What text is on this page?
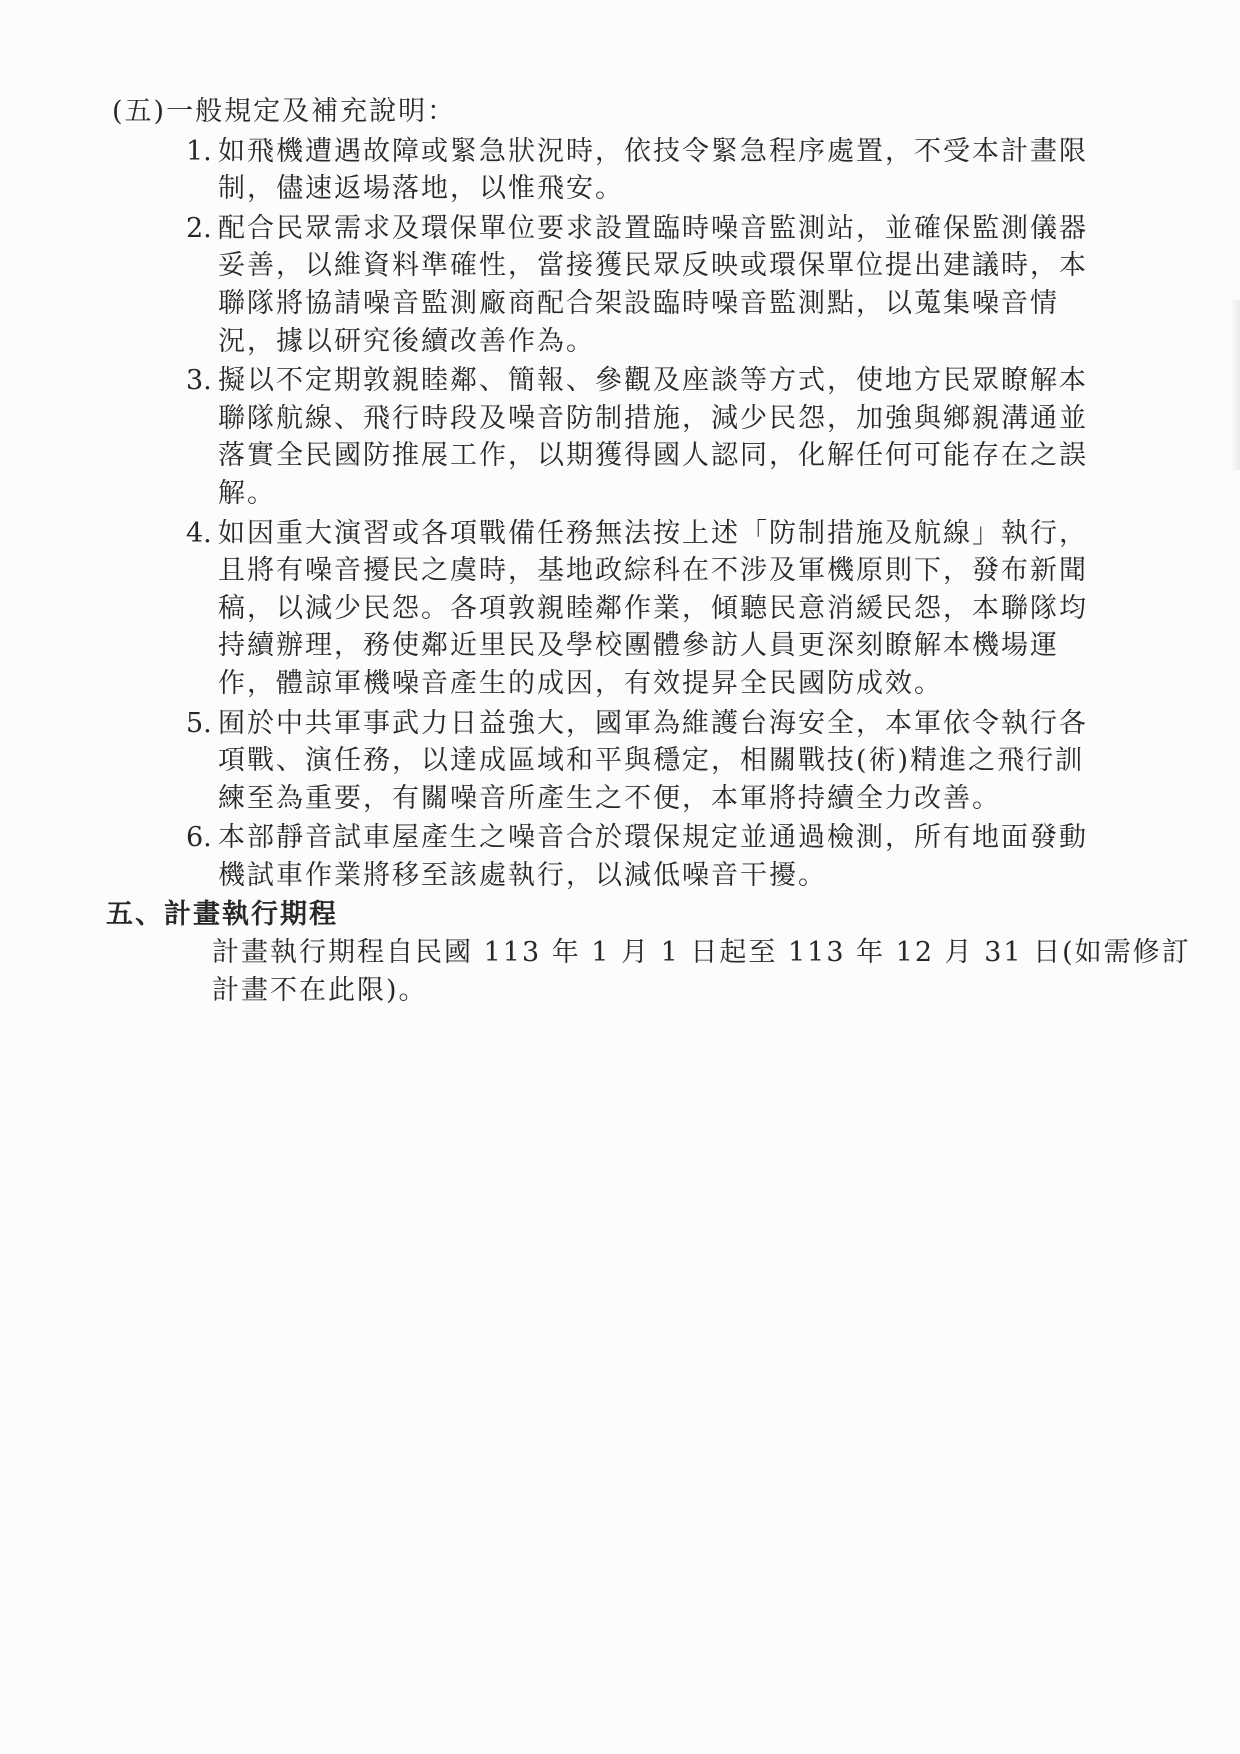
(五)一般規定及補充說明：
1. 如飛機遭遇故障或緊急狀況時，依技令緊急程序處置，不受本計畫限
制，儘速返場落地，以惟飛安。
2. 配合民眾需求及環保單位要求設置臨時噪音監測站，並確保監測儀器
妥善，以維資料準確性，當接獲民眾反映或環保單位提出建議時，本
聯隊將協請噪音監測廠商配合架設臨時噪音監測點，以蒐集噪音情
況，據以研究後續改善作為。
3. 擬以不定期敦親睦鄰、簡報、參觀及座談等方式，使地方民眾瞭解本
聯隊航線、飛行時段及噪音防制措施，減少民怨，加強與鄉親溝通並
落實全民國防推展工作，以期獲得國人認同，化解任何可能存在之誤
解。
4. 如因重大演習或各項戰備任務無法按上述「防制措施及航線」執行，
且將有噪音擾民之虞時，基地政綜科在不涉及軍機原則下，發布新聞
稿，以減少民怨。各項敦親睦鄰作業，傾聽民意消緩民怨，本聯隊均
持續辦理，務使鄰近里民及學校團體參訪人員更深刻瞭解本機場運
作，體諒軍機噪音產生的成因，有效提昇全民國防成效。
5. 囿於中共軍事武力日益強大，國軍為維護台海安全，本軍依令執行各
項戰、演任務，以達成區域和平與穩定，相關戰技(術)精進之飛行訓
練至為重要，有關噪音所產生之不便，本軍將持續全力改善。
6. 本部靜音試車屋產生之噪音合於環保規定並通過檢測，所有地面發動
機試車作業將移至該處執行，以減低噪音干擾。
五、計畫執行期程
計畫執行期程自民國 113 年 1 月 1 日起至 113 年 12 月 31 日(如需修訂
計畫不在此限)。
